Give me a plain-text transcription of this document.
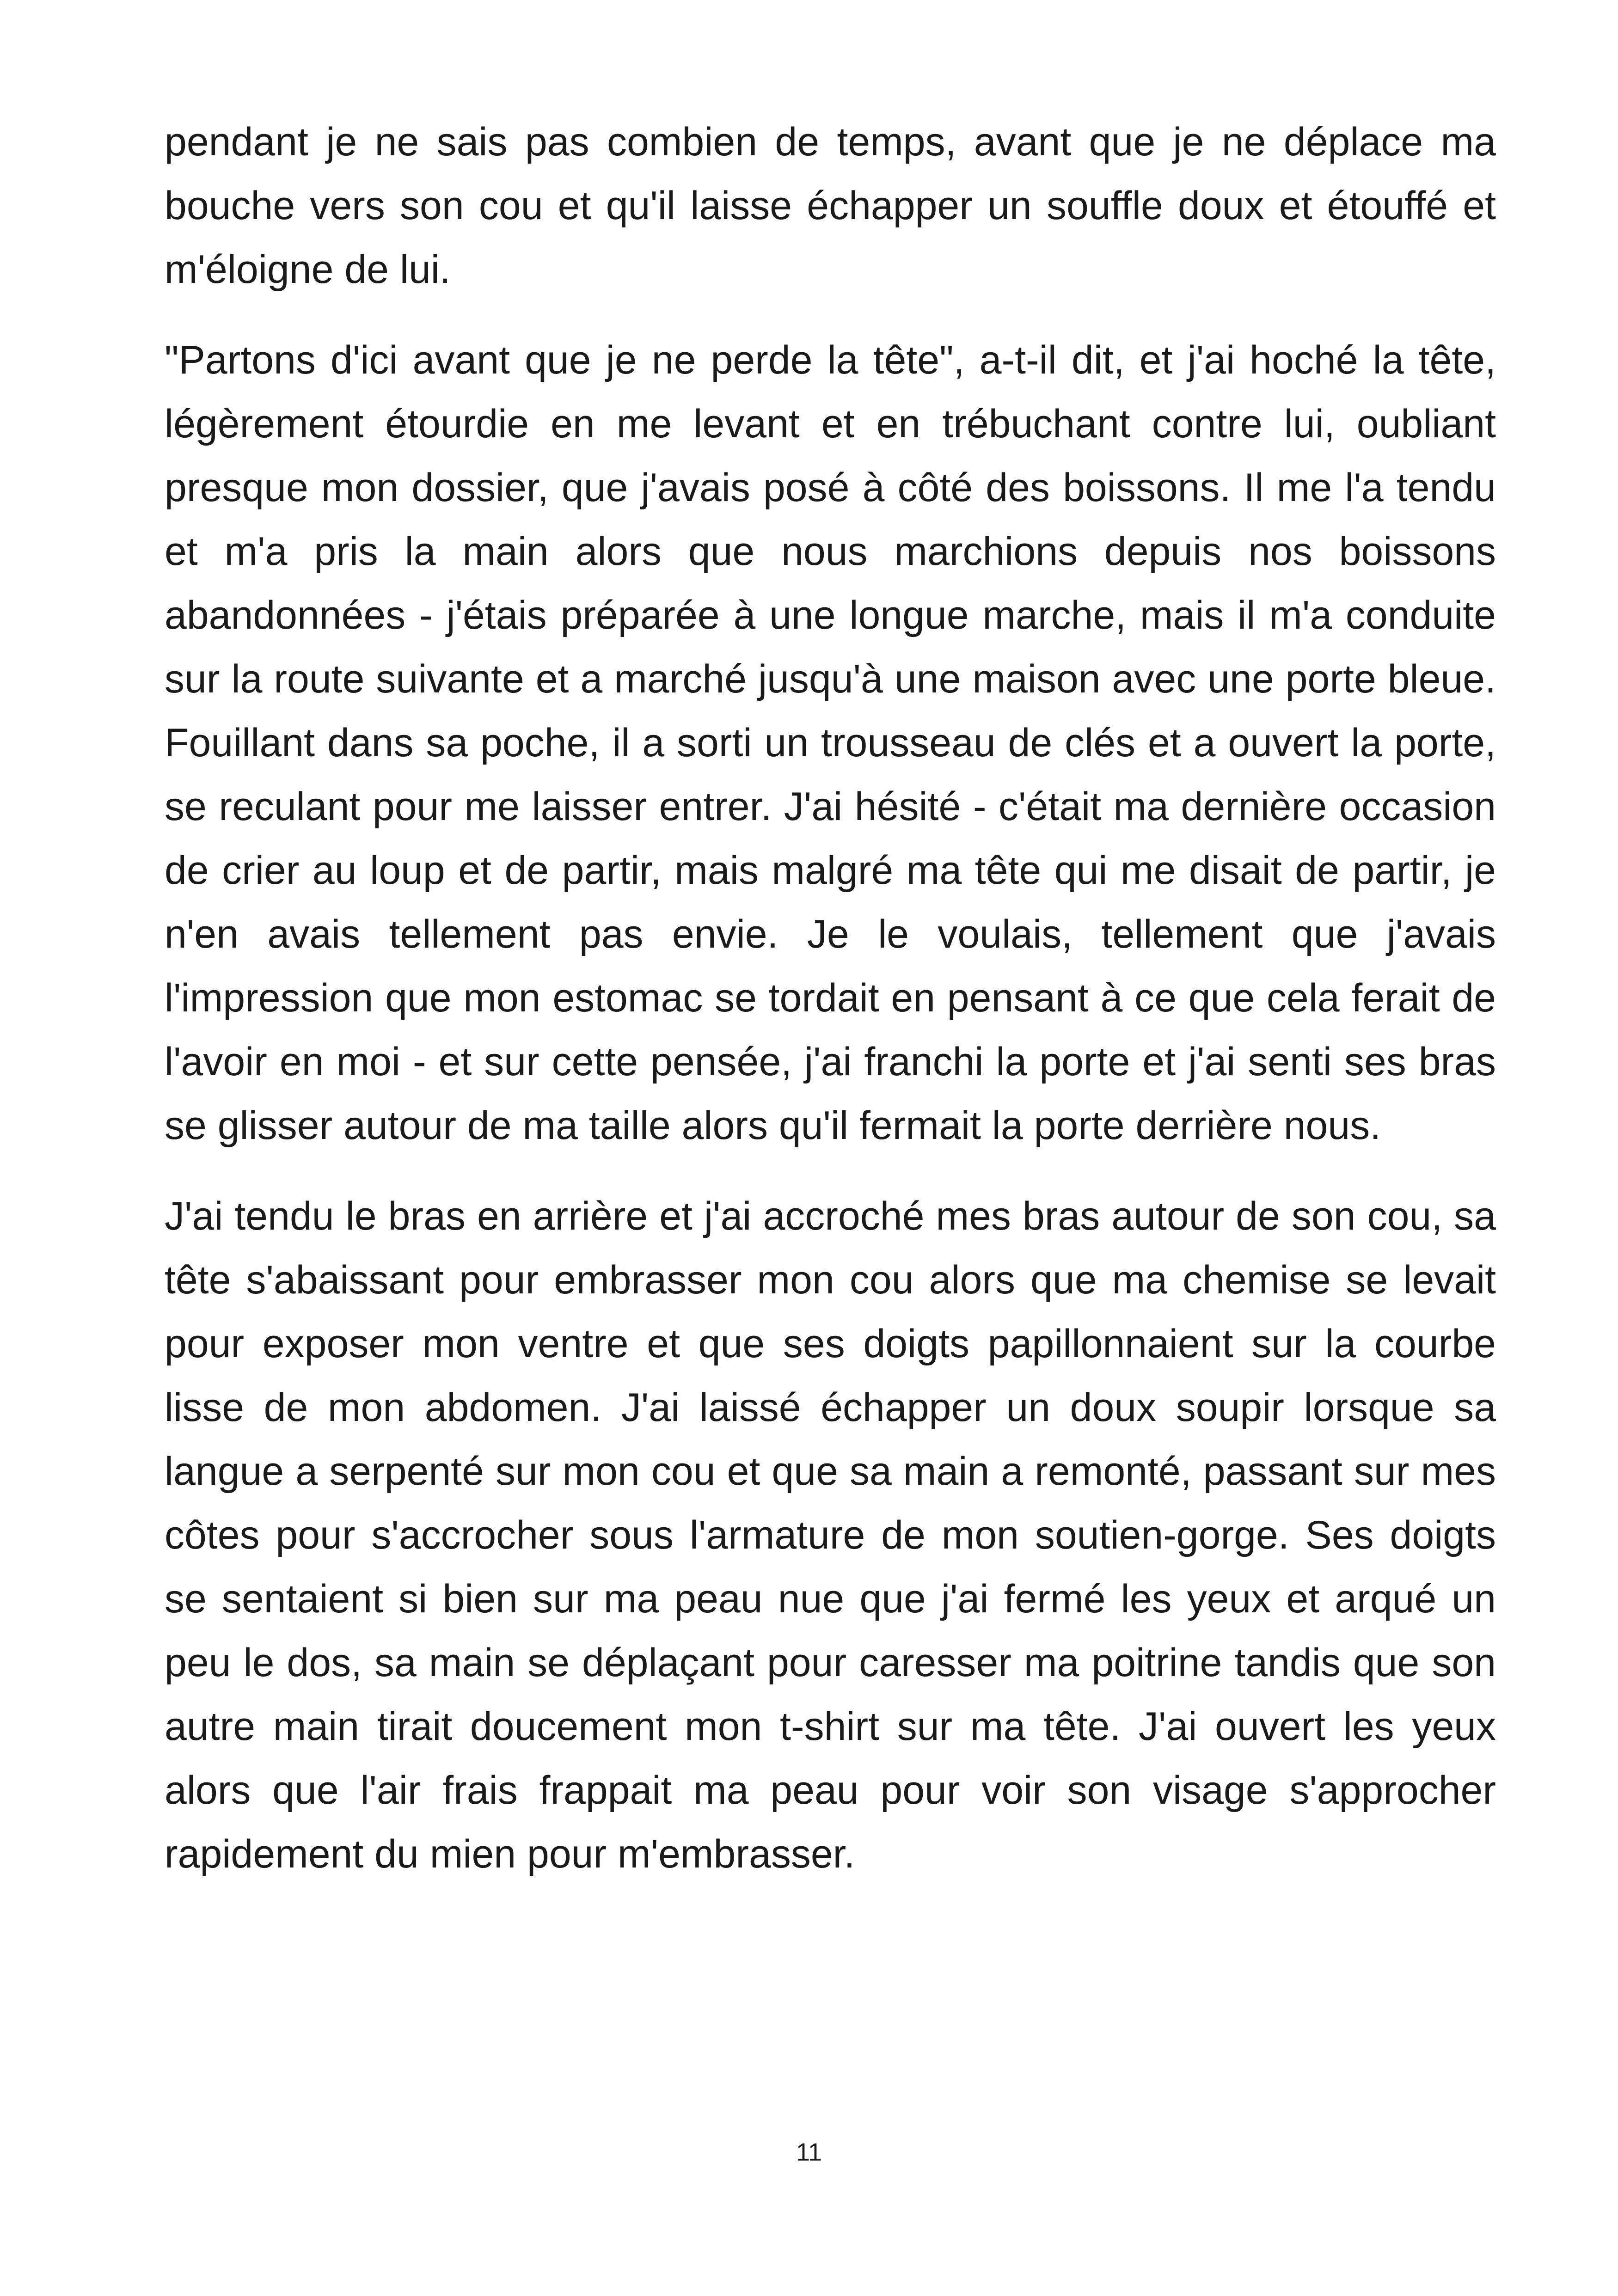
pendant je ne sais pas combien de temps, avant que je ne déplace ma bouche vers son cou et qu'il laisse échapper un souffle doux et étouffé et m'éloigne de lui.

"Partons d'ici avant que je ne perde la tête", a-t-il dit, et j'ai hoché la tête, légèrement étourdie en me levant et en trébuchant contre lui, oubliant presque mon dossier, que j'avais posé à côté des boissons. Il me l'a tendu et m'a pris la main alors que nous marchions depuis nos boissons abandonnées - j'étais préparée à une longue marche, mais il m'a conduite sur la route suivante et a marché jusqu'à une maison avec une porte bleue. Fouillant dans sa poche, il a sorti un trousseau de clés et a ouvert la porte, se reculant pour me laisser entrer. J'ai hésité - c'était ma dernière occasion de crier au loup et de partir, mais malgré ma tête qui me disait de partir, je n'en avais tellement pas envie. Je le voulais, tellement que j'avais l'impression que mon estomac se tordait en pensant à ce que cela ferait de l'avoir en moi - et sur cette pensée, j'ai franchi la porte et j'ai senti ses bras se glisser autour de ma taille alors qu'il fermait la porte derrière nous.

J'ai tendu le bras en arrière et j'ai accroché mes bras autour de son cou, sa tête s'abaissant pour embrasser mon cou alors que ma chemise se levait pour exposer mon ventre et que ses doigts papillonnaient sur la courbe lisse de mon abdomen. J'ai laissé échapper un doux soupir lorsque sa langue a serpenté sur mon cou et que sa main a remonté, passant sur mes côtes pour s'accrocher sous l'armature de mon soutien-gorge. Ses doigts se sentaient si bien sur ma peau nue que j'ai fermé les yeux et arqué un peu le dos, sa main se déplaçant pour caresser ma poitrine tandis que son autre main tirait doucement mon t-shirt sur ma tête. J'ai ouvert les yeux alors que l'air frais frappait ma peau pour voir son visage s'approcher rapidement du mien pour m'embrasser.

11
